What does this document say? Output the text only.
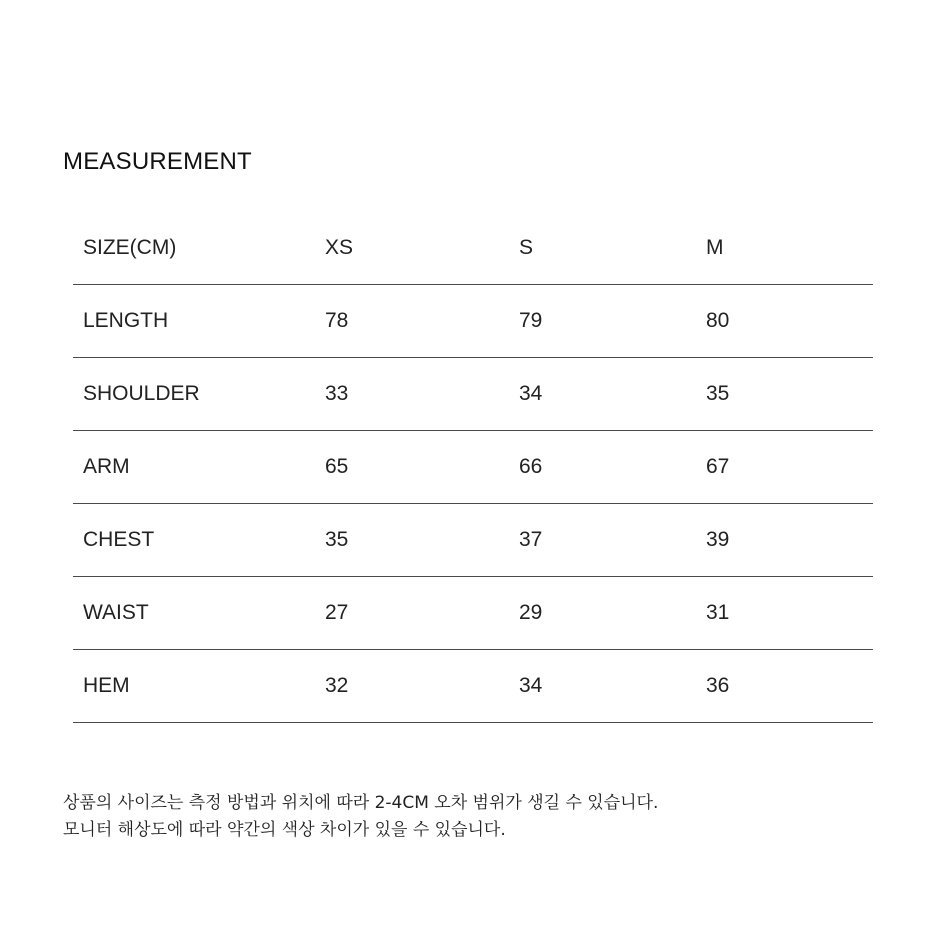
MEASUREMENT
SIZE(CM)	XS	S	M
LENGTH	78	79	80
SHOULDER	33	34	35
ARM	65	66	67
CHEST	35	37	39
WAIST	27	29	31
HEM	32	34	36
상품의 사이즈는 측정 방법과 위치에 따라 2-4CM 오차 범위가 생길 수 있습니다.
모니터 해상도에 따라 약간의 색상 차이가 있을 수 있습니다.
